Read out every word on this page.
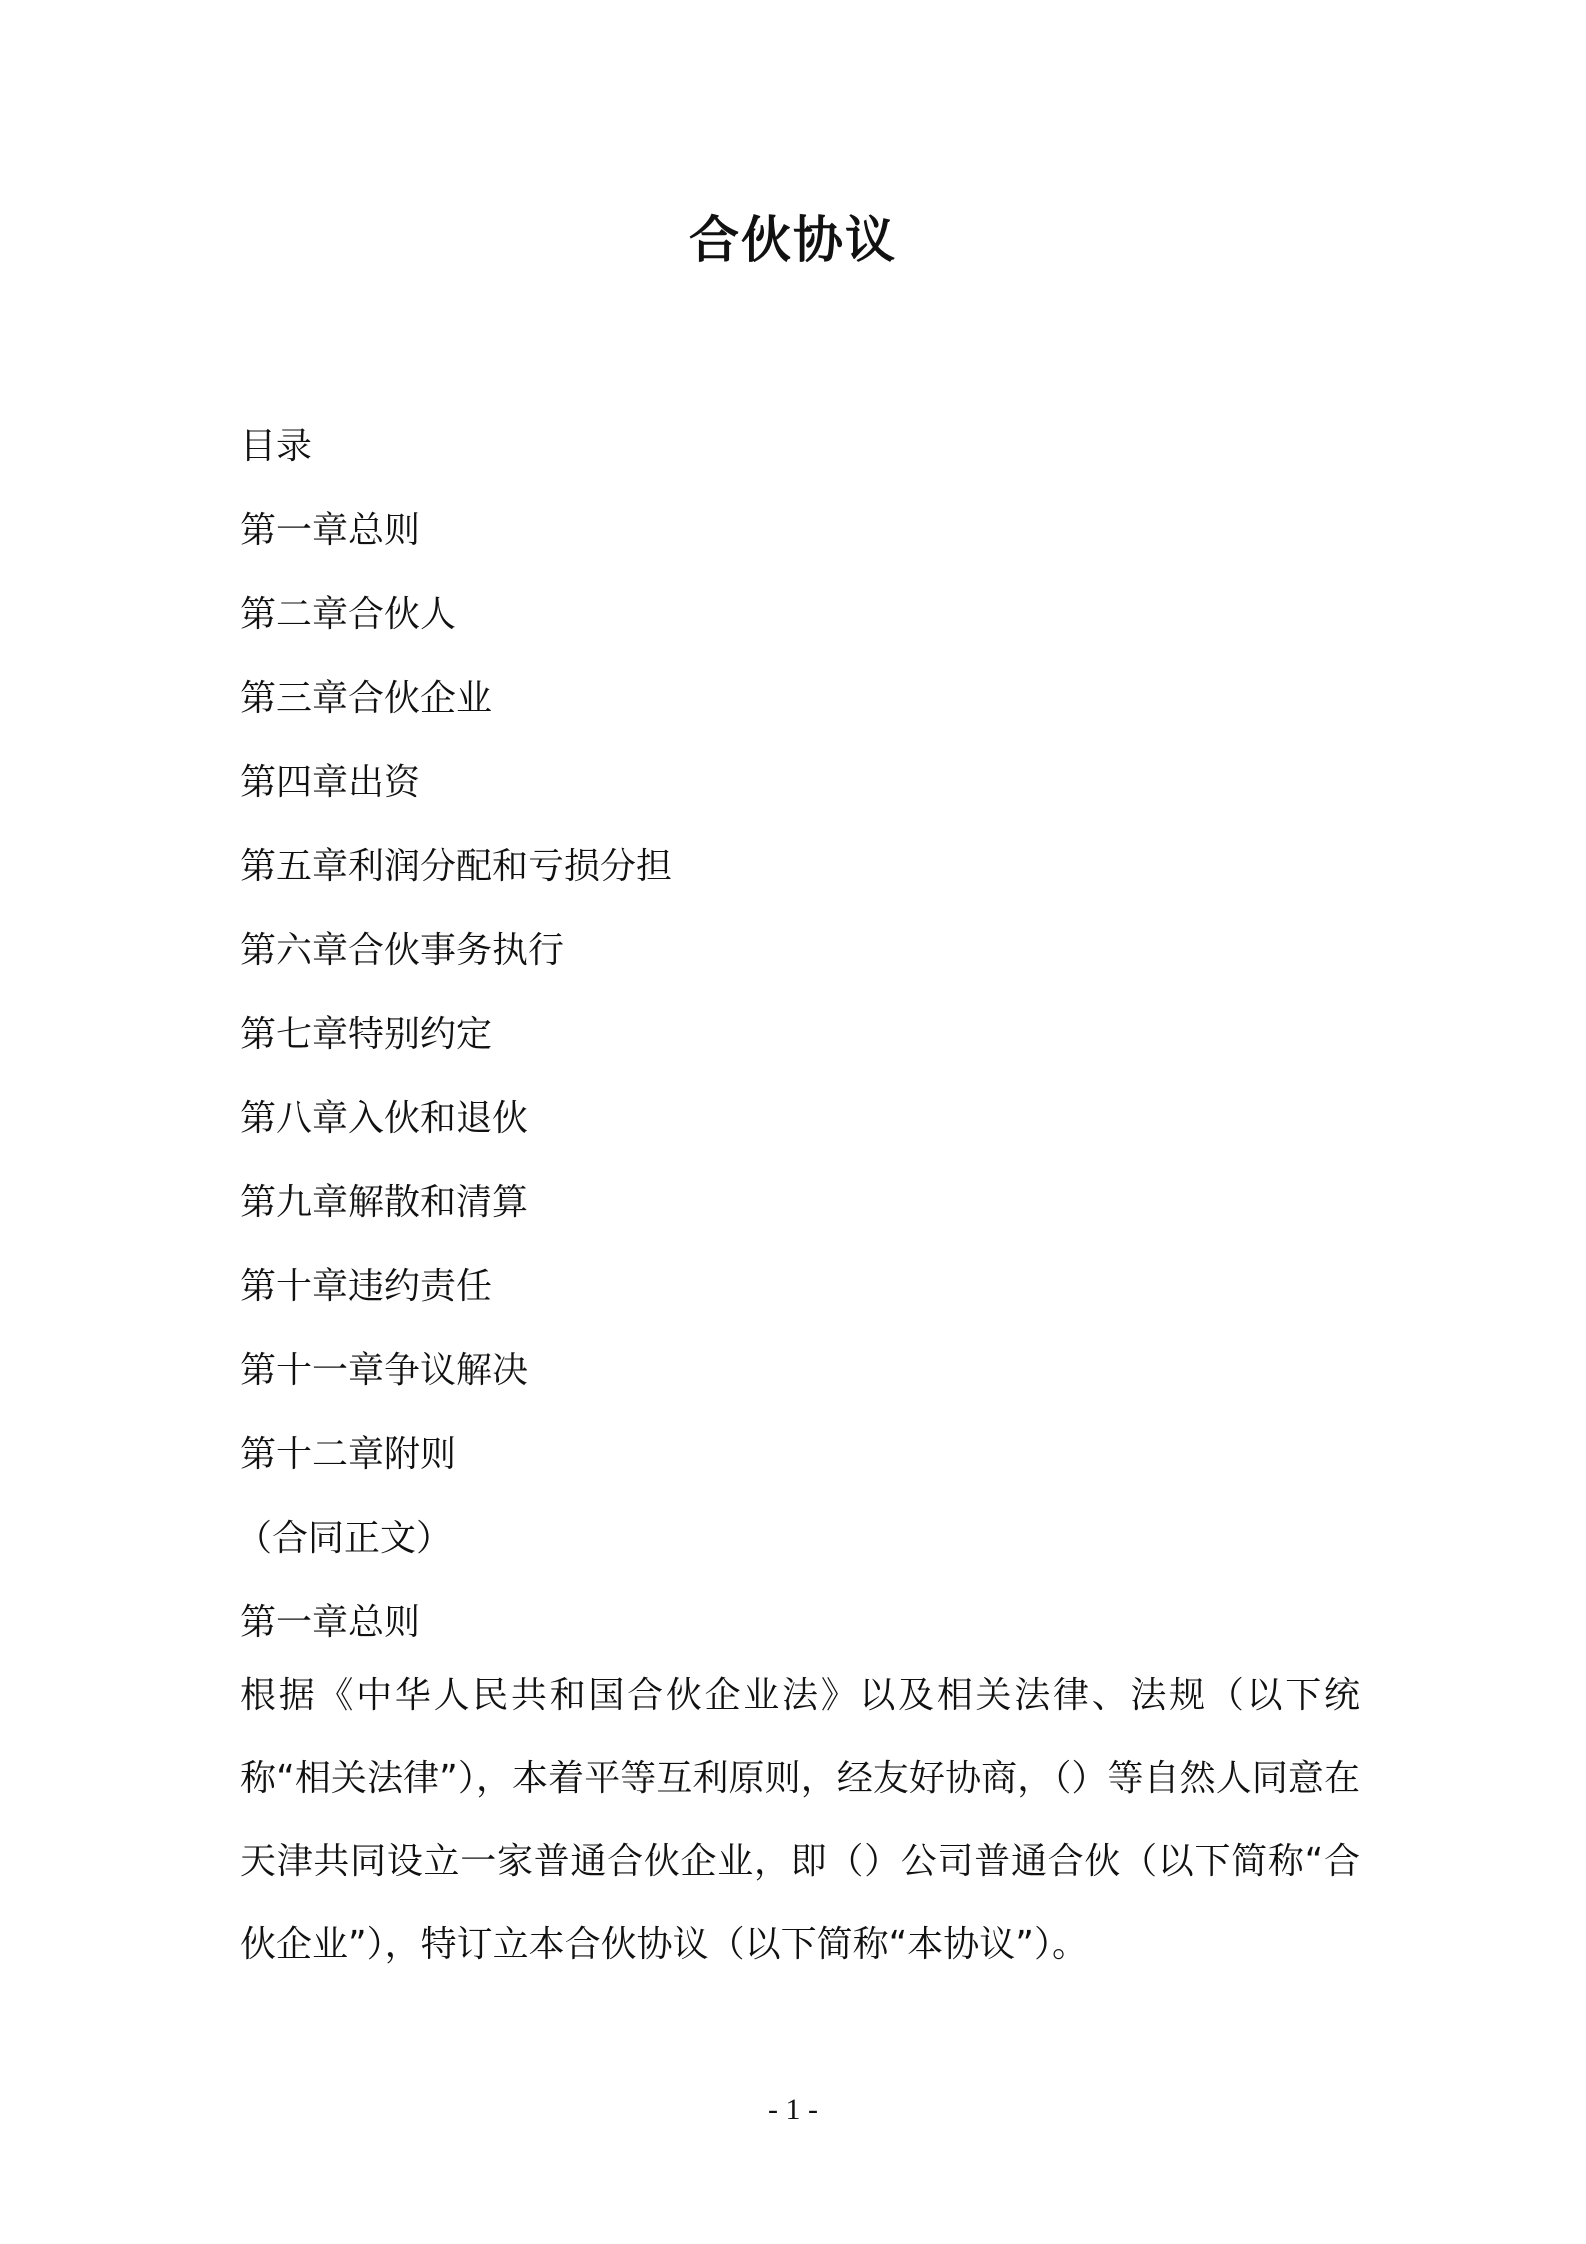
合伙协议
目录
第一章总则
第二章合伙人
第三章合伙企业
第四章出资
第五章利润分配和亏损分担
第六章合伙事务执行
第七章特别约定
第八章入伙和退伙
第九章解散和清算
第十章违约责任
第十一章争议解决
第十二章附则
（合同正文）
第一章总则
根据《中华人民共和国合伙企业法》以及相关法律、法规（以下统称“相关法律”），本着平等互利原则，经友好协商，（）等自然人同意在天津共同设立一家普通合伙企业，即（）公司普通合伙（以下简称“合伙企业”），特订立本合伙协议（以下简称“本协议”）。
- 1 -
